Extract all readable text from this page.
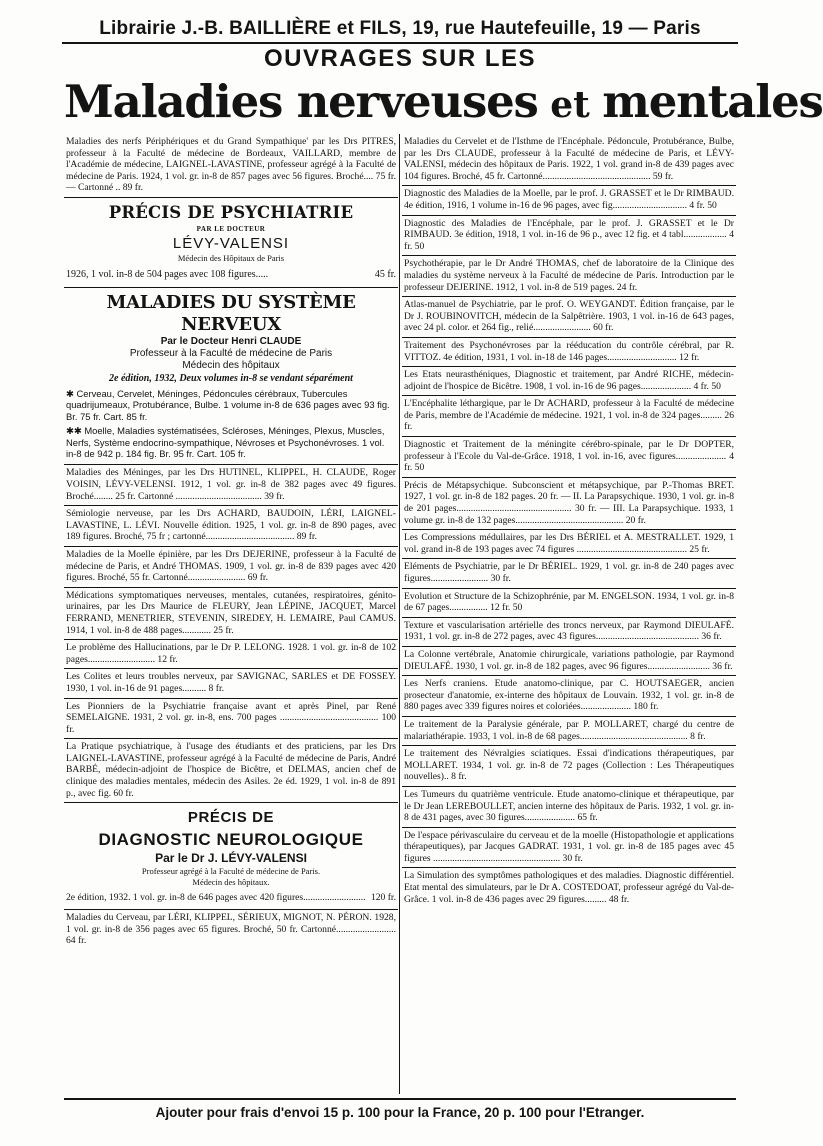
Librairie J.-B. BAILLIÈRE et FILS, 19, rue Hautefeuille, 19 — Paris
OUVRAGES SUR LES
Maladies nerveuses et mentales
Maladies des nerfs Périphériques et du Grand Sympathique' par les Drs PITRES, professeur à la Faculté de médecine de Bordeaux, VAILLARD, membre de l'Académie de médecine, LAIGNEL-LAVASTINE, professeur agrégé à la Faculté de médecine de Paris. 1924, 1 vol. gr. in-8 de 857 pages avec 56 figures. Broché.... 75 fr. — Cartonné .. 89 fr.
PRÉCIS DE PSYCHIATRIE
PAR LE DOCTEUR
LÉVY-VALENSI
Médecin des Hôpitaux de Paris
1926, 1 vol. in-8 de 504 pages avec 108 figures.....	45 fr.
MALADIES DU SYSTÈME NERVEUX
Par le Docteur Henri CLAUDE
Professeur à la Faculté de médecine de Paris
Médecin des hôpitaux
2e édition, 1932, Deux volumes in-8 se vendant séparément
✱ Cerveau, Cervelet, Méninges, Pédoncules cérébraux, Tubercules quadrijumeaux, Protubérance, Bulbe. 1 volume in-8 de 636 pages avec 93 fig. Br. 75 fr. Cart. 85 fr.
✱✱ Moelle, Maladies systématisées, Scléroses, Méninges, Plexus, Muscles, Nerfs, Système endocrino-sympathique, Névroses et Psychonévroses. 1 vol. in-8 de 942 p. 184 fig. Br. 95 fr. Cart. 105 fr.
Maladies des Méninges, par les Drs HUTINEL, KLIPPEL, H. CLAUDE, Roger VOISIN, LÉVY-VELENSI. 1912, 1 vol. gr. in-8 de 382 pages avec 49 figures. Broché........ 25 fr. Cartonné .................................... 39 fr.
Sémiologie nerveuse, par les Drs ACHARD, BAUDOIN, LÉRI, LAIGNEL-LAVASTINE, L. LÉVI. Nouvelle édition. 1925, 1 vol. gr. in-8 de 890 pages, avec 189 figures. Broché, 75 fr ; cartonné..................................... 89 fr.
Maladies de la Moelle épinière, par les Drs DEJERINE, professeur à la Faculté de médecine de Paris, et André THOMAS. 1909, 1 vol. gr. in-8 de 839 pages avec 420 figures. Broché, 55 fr. Cartonné........................ 69 fr.
Médications symptomatiques nerveuses, mentales, cutanées, respiratoires, génito-urinaires, par les Drs Maurice de FLEURY, Jean LÉPINE, JACQUET, Marcel FERRAND, MENETRIER, STEVENIN, SIREDEY, H. LEMAIRE, Paul CAMUS. 1914, 1 vol. in-8 de 488 pages............ 25 fr.
Le problème des Hallucinations, par le Dr P. LELONG. 1928. 1 vol. gr. in-8 de 102 pages............................ 12 fr.
Les Colites et leurs troubles nerveux, par SAVIGNAC, SARLES et DE FOSSEY. 1930, 1 vol. in-16 de 91 pages.......... 8 fr.
Les Pionniers de la Psychiatrie française avant et après Pinel, par René SEMELAIGNE. 1931, 2 vol. gr. in-8, ens. 700 pages ......................................... 100 fr.
La Pratique psychiatrique, à l'usage des étudiants et des praticiens, par les Drs LAIGNEL-LAVASTINE, professeur agrégé à la Faculté de médecine de Paris, André BARBÉ, médecin-adjoint de l'hospice de Bicêtre, et DELMAS, ancien chef de clinique des maladies mentales, médecin des Asiles. 2e éd. 1929, 1 vol. in-8 de 891 p., avec fig. 60 fr.
PRÉCIS DE
DIAGNOSTIC NEUROLOGIQUE
Par le Dr J. LÉVY-VALENSI
Professeur agrégé à la Faculté de médecine de Paris.
Médecin des hôpitaux.
2e édition, 1932. 1 vol. gr. in-8 de 646 pages avec 420 figures.......................... 120 fr.
Maladies du Cerveau, par LÉRI, KLIPPEL, SÉRIEUX, MIGNOT, N. PÉRON. 1928, 1 vol. gr. in-8 de 356 pages avec 65 figures. Broché, 50 fr. Cartonné......................... 64 fr.
Maladies du Cervelet et de l'Isthme de l'Encéphale. Pédoncule, Protubérance, Bulbe, par les Drs CLAUDE, professeur à la Faculté de médecine de Paris, et LÉVY-VALENSI, médecin des hôpitaux de Paris. 1922, 1 vol. grand in-8 de 439 pages avec 104 figures. Broché, 45 fr. Cartonné............................................. 59 fr.
Diagnostic des Maladies de la Moelle, par le prof. J. GRASSET et le Dr RIMBAUD. 4e édition, 1916, 1 volume in-16 de 96 pages, avec fig............................... 4 fr. 50
Diagnostic des Maladies de l'Encéphale, par le prof. J. GRASSET et le Dr RIMBAUD. 3e édition, 1918, 1 vol. in-16 de 96 p., avec 12 fig. et 4 tabl.................. 4 fr. 50
Psychothérapie, par le Dr André THOMAS, chef de laboratoire de la Clinique des maladies du système nerveux à la Faculté de médecine de Paris. Introduction par le professeur DEJERINE. 1912, 1 vol. in-8 de 519 pages. 24 fr.
Atlas-manuel de Psychiatrie, par le prof. O. WEYGANDT. Édition française, par le Dr J. ROUBINOVITCH, médecin de la Salpêtrière. 1903, 1 vol. in-16 de 643 pages, avec 24 pl. color. et 264 fig., relié........................ 60 fr.
Traitement des Psychonévroses par la rééducation du contrôle cérébral, par R. VITTOZ. 4e édition, 1931, 1 vol. in-18 de 146 pages............................. 12 fr.
Les Etats neurasthéniques, Diagnostic et traitement, par André RICHE, médecin-adjoint de l'hospice de Bicêtre. 1908, 1 vol. in-16 de 96 pages..................... 4 fr. 50
L'Encéphalite léthargique, par le Dr ACHARD, professeur à la Faculté de médecine de Paris, membre de l'Académie de médecine. 1921, 1 vol. in-8 de 324 pages......... 26 fr.
Diagnostic et Traitement de la méningite cérébro-spinale, par le Dr DOPTER, professeur à l'Ecole du Val-de-Grâce. 1918, 1 vol. in-16, avec figures..................... 4 fr. 50
Précis de Métapsychique. Subconscient et métapsychique, par P.-Thomas BRET. 1927, 1 vol. gr. in-8 de 182 pages. 20 fr. — II. La Parapsychique. 1930, 1 vol. gr. in-8 de 201 pages................................................ 30 fr. — III. La Parapsychique. 1933, 1 volume gr. in-8 de 132 pages............................................. 20 fr.
Les Compressions médullaires, par les Drs BÉRIEL et A. MESTRALLET. 1929, 1 vol. grand in-8 de 193 pages avec 74 figures .............................................. 25 fr.
Eléments de Psychiatrie, par le Dr BÉRIEL. 1929, 1 vol. gr. in-8 de 240 pages avec figures........................ 30 fr.
Evolution et Structure de la Schizophrénie, par M. ENGELSON. 1934, 1 vol. gr. in-8 de 67 pages................ 12 fr. 50
Texture et vascularisation artérielle des troncs nerveux, par Raymond DIEULAFÉ. 1931, 1 vol. gr. in-8 de 272 pages, avec 43 figures........................................... 36 fr.
La Colonne vertébrale, Anatomie chirurgicale, variations pathologie, par Raymond DIEULAFÉ. 1930, 1 vol. gr. in-8 de 182 pages, avec 96 figures.......................... 36 fr.
Les Nerfs craniens. Etude anatomo-clinique, par C. HOUTSAEGER, ancien prosecteur d'anatomie, ex-interne des hôpitaux de Louvain. 1932, 1 vol. gr. in-8 de 880 pages avec 339 figures noires et coloriées..................... 180 fr.
Le traitement de la Paralysie générale, par P. MOLLARET, chargé du centre de malariathérapie. 1933, 1 vol. in-8 de 68 pages............................................. 8 fr.
Le traitement des Névralgies sciatiques. Essai d'indications thérapeutiques, par MOLLARET. 1934, 1 vol. gr. in-8 de 72 pages (Collection : Les Thérapeutiques nouvelles).. 8 fr.
Les Tumeurs du quatrième ventricule. Etude anatomo-clinique et thérapeutique, par le Dr Jean LEREBOULLET, ancien interne des hôpitaux de Paris. 1932, 1 vol. gr. in-8 de 431 pages, avec 30 figures..................... 65 fr.
De l'espace périvasculaire du cerveau et de la moelle (Histopathologie et applications thérapeutiques), par Jacques GADRAT. 1931, 1 vol. gr. in-8 de 185 pages avec 45 figures ..................................................... 30 fr.
La Simulation des symptômes pathologiques et des maladies. Diagnostic différentiel. Etat mental des simulateurs, par le Dr A. COSTEDOAT, professeur agrégé du Val-de-Grâce. 1 vol. in-8 de 436 pages avec 29 figures......... 48 fr.
Ajouter pour frais d'envoi 15 p. 100 pour la France, 20 p. 100 pour l'Etranger.
